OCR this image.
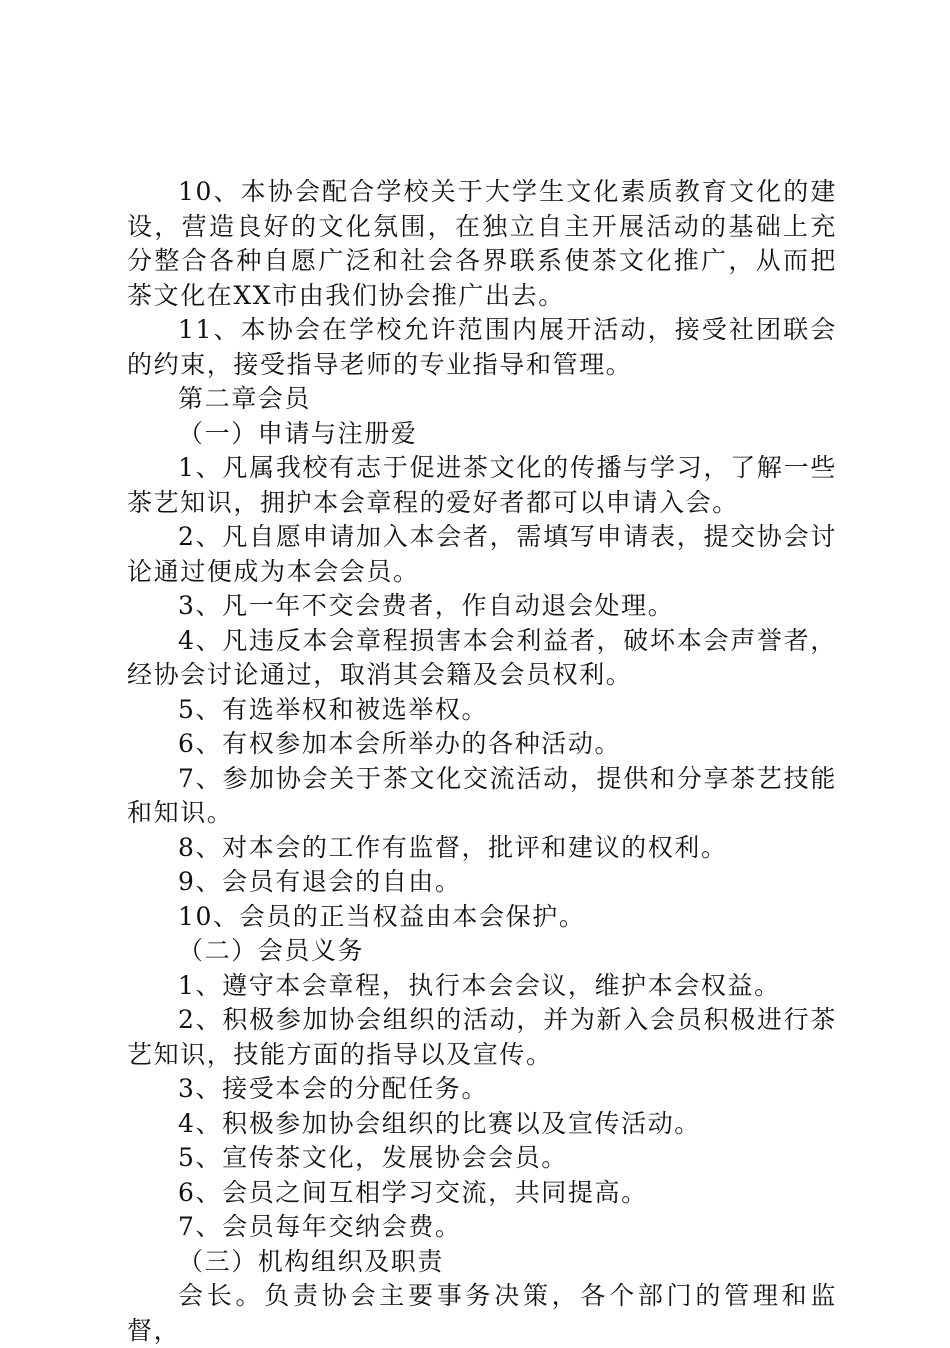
10、本协会配合学校关于大学生文化素质教育文化的建设，营造良好的文化氛围，在独立自主开展活动的基础上充分整合各种自愿广泛和社会各界联系使茶文化推广，从而把茶文化在XX市由我们协会推广出去。

11、本协会在学校允许范围内展开活动，接受社团联会的约束，接受指导老师的专业指导和管理。

第二章会员

（一）申请与注册爱

1、凡属我校有志于促进茶文化的传播与学习，了解一些茶艺知识，拥护本会章程的爱好者都可以申请入会。

2、凡自愿申请加入本会者，需填写申请表，提交协会讨论通过便成为本会会员。

3、凡一年不交会费者，作自动退会处理。

4、凡违反本会章程损害本会利益者，破坏本会声誉者，经协会讨论通过，取消其会籍及会员权利。

5、有选举权和被选举权。

6、有权参加本会所举办的各种活动。

7、参加协会关于茶文化交流活动，提供和分享茶艺技能和知识。

8、对本会的工作有监督，批评和建议的权利。

9、会员有退会的自由。

10、会员的正当权益由本会保护。

（二）会员义务

1、遵守本会章程，执行本会会议，维护本会权益。

2、积极参加协会组织的活动，并为新入会员积极进行茶艺知识，技能方面的指导以及宣传。

3、接受本会的分配任务。

4、积极参加协会组织的比赛以及宣传活动。

5、宣传茶文化，发展协会会员。

6、会员之间互相学习交流，共同提高。

7、会员每年交纳会费。

（三）机构组织及职责

会长。负责协会主要事务决策，各个部门的管理和监督，
